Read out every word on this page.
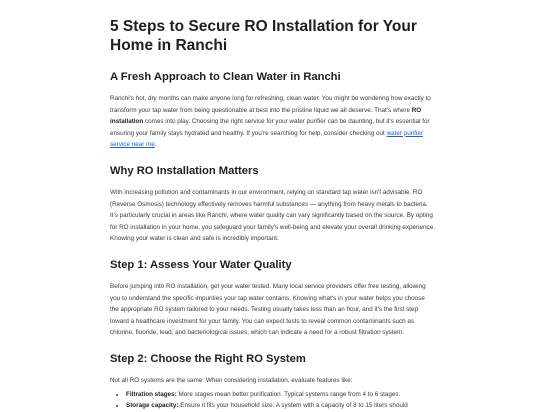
5 Steps to Secure RO Installation for Your Home in Ranchi
A Fresh Approach to Clean Water in Ranchi

Ranchi's hot, dry months can make anyone long for refreshing, clean water. You might be wondering how exactly to transform your tap water from being questionable at best into the pristine liquid we all deserve. That's where RO installation comes into play. Choosing the right service for your water purifier can be daunting, but it's essential for ensuring your family stays hydrated and healthy. If you're searching for help, consider checking out water purifier service near me.

Why RO Installation Matters

With increasing pollution and contaminants in our environment, relying on standard tap water isn't advisable. RO (Reverse Osmosis) technology effectively removes harmful substances — anything from heavy metals to bacteria. It's particularly crucial in areas like Ranchi, where water quality can vary significantly based on the source. By opting for RO installation in your home, you safeguard your family's well-being and elevate your overall drinking experience. Knowing your water is clean and safe is incredibly important.

Step 1: Assess Your Water Quality

Before jumping into RO installation, get your water tested. Many local service providers offer free testing, allowing you to understand the specific impurities your tap water contains. Knowing what's in your water helps you choose the appropriate RO system tailored to your needs. Testing usually takes less than an hour, and it's the first step toward a healthcare investment for your family. You can expect tests to reveal common contaminants such as chlorine, fluoride, lead, and bacteriological issues, which can indicate a need for a robust filtration system.

Step 2: Choose the Right RO System

Not all RO systems are the same. When considering installation, evaluate features like:

• Filtration stages: More stages mean better purification. Typical systems range from 4 to 6 stages.
• Storage capacity: Ensure it fits your household size. A system with a capacity of 8 to 15 liters should
